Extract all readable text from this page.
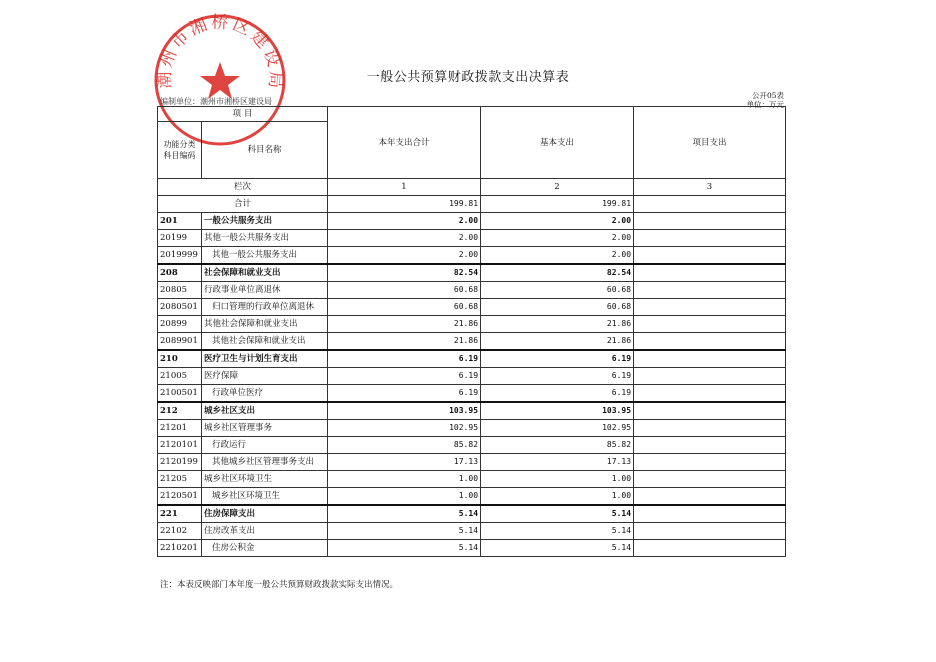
潮州市湘桥区建设局	一般公共预算财政拨款支出决算表
编制单位：潮州市湘桥区建设局
公开05表
单位：万元
项 目		本年支出合计	基本支出	项目支出
功能分类科目编码	科目名称			
栏次		1	2	3
合计		199.81	199.81	
201	一般公共服务支出	2.00	2.00	
20199	其他一般公共服务支出	2.00	2.00	
2019999	其他一般公共服务支出	2.00	2.00	
208	社会保障和就业支出	82.54	82.54	
20805	行政事业单位离退休	60.68	60.68	
2080501	归口管理的行政单位离退休	60.68	60.68	
20899	其他社会保障和就业支出	21.86	21.86	
2089901	其他社会保障和就业支出	21.86	21.86	
210	医疗卫生与计划生育支出	6.19	6.19	
21005	医疗保障	6.19	6.19	
2100501	行政单位医疗	6.19	6.19	
212	城乡社区支出	103.95	103.95	
21201	城乡社区管理事务	102.95	102.95	
2120101	行政运行	85.82	85.82	
2120199	其他城乡社区管理事务支出	17.13	17.13	
21205	城乡社区环境卫生	1.00	1.00	
2120501	城乡社区环境卫生	1.00	1.00	
221	住房保障支出	5.14	5.14	
22102	住房改革支出	5.14	5.14	
2210201	住房公积金	5.14	5.14	
注：本表反映部门本年度一般公共预算财政拨款实际支出情况。
